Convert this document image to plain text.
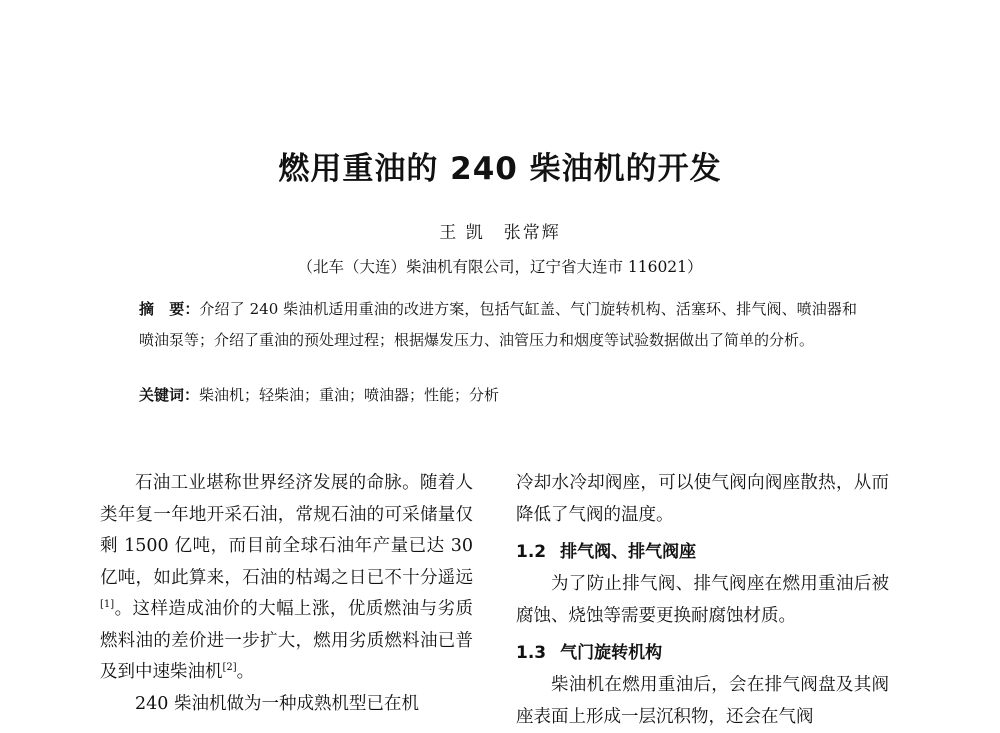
燃用重油的 240 柴油机的开发
王 凯　张常辉
（北车（大连）柴油机有限公司，辽宁省大连市 116021）
摘　要：介绍了 240 柴油机适用重油的改进方案，包括气缸盖、气门旋转机构、活塞环、排气阀、喷油器和喷油泵等；介绍了重油的预处理过程；根据爆发压力、油管压力和烟度等试验数据做出了简单的分析。
关键词：柴油机；轻柴油；重油；喷油器；性能；分析

石油工业堪称世界经济发展的命脉。随着人类年复一年地开采石油，常规石油的可采储量仅剩 1500 亿吨，而目前全球石油年产量已达 30 亿吨，如此算来，石油的枯竭之日已不十分遥远[1]。这样造成油价的大幅上涨，优质燃油与劣质燃料油的差价进一步扩大，燃用劣质燃料油已普及到中速柴油机[2]。

240 柴油机做为一种成熟机型已在机

冷却水冷却阀座，可以使气阀向阀座散热，从而降低了气阀的温度。

1.2 排气阀、排气阀座

为了防止排气阀、排气阀座在燃用重油后被腐蚀、烧蚀等需要更换耐腐蚀材质。

1.3 气门旋转机构

柴油机在燃用重油后，会在排气阀盘及其阀座表面上形成一层沉积物，还会在气阀
